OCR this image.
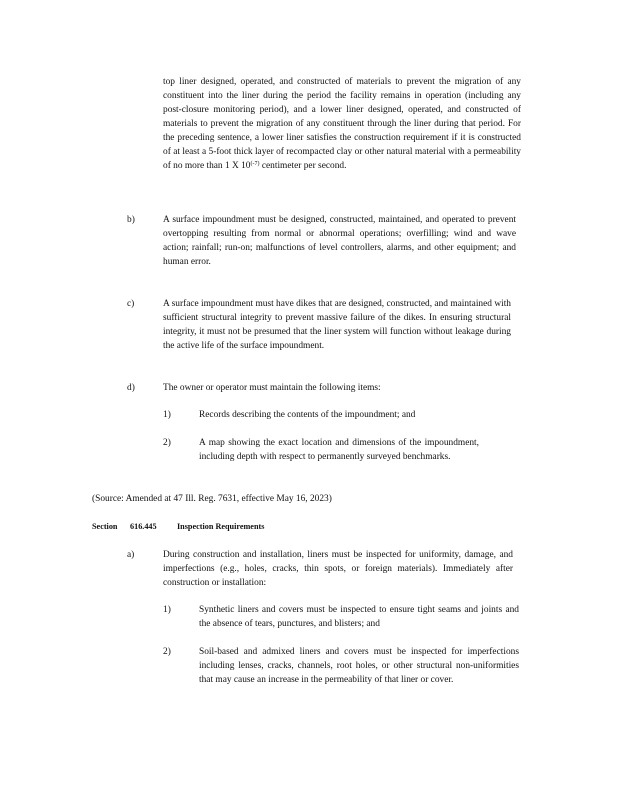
top liner designed, operated, and constructed of materials to prevent the migration of any constituent into the liner during the period the facility remains in operation (including any post-closure monitoring period), and a lower liner designed, operated, and constructed of materials to prevent the migration of any constituent through the liner during that period. For the preceding sentence, a lower liner satisfies the construction requirement if it is constructed of at least a 5-foot thick layer of recompacted clay or other natural material with a permeability of no more than 1 X $10^{(-7)}$ centimeter per second.

b)	A surface impoundment must be designed, constructed, maintained, and operated to prevent overtopping resulting from normal or abnormal operations; overfilling; wind and wave action; rainfall; run-on; malfunctions of level controllers, alarms, and other equipment; and human error.

c)	A surface impoundment must have dikes that are designed, constructed, and maintained with sufficient structural integrity to prevent massive failure of the dikes. In ensuring structural integrity, it must not be presumed that the liner system will function without leakage during the active life of the surface impoundment.

d)	The owner or operator must maintain the following items:

1)	Records describing the contents of the impoundment; and

2)	A map showing the exact location and dimensions of the impoundment, including depth with respect to permanently surveyed benchmarks.

(Source: Amended at 47 Ill. Reg. 7631, effective May 16, 2023)

Section 616.445 Inspection Requirements
a)	During construction and installation, liners must be inspected for uniformity, damage, and imperfections (e.g., holes, cracks, thin spots, or foreign materials). Immediately after construction or installation:

1)	Synthetic liners and covers must be inspected to ensure tight seams and joints and the absence of tears, punctures, and blisters; and

2)	Soil-based and admixed liners and covers must be inspected for imperfections including lenses, cracks, channels, root holes, or other structural non-uniformities that may cause an increase in the permeability of that liner or cover.
